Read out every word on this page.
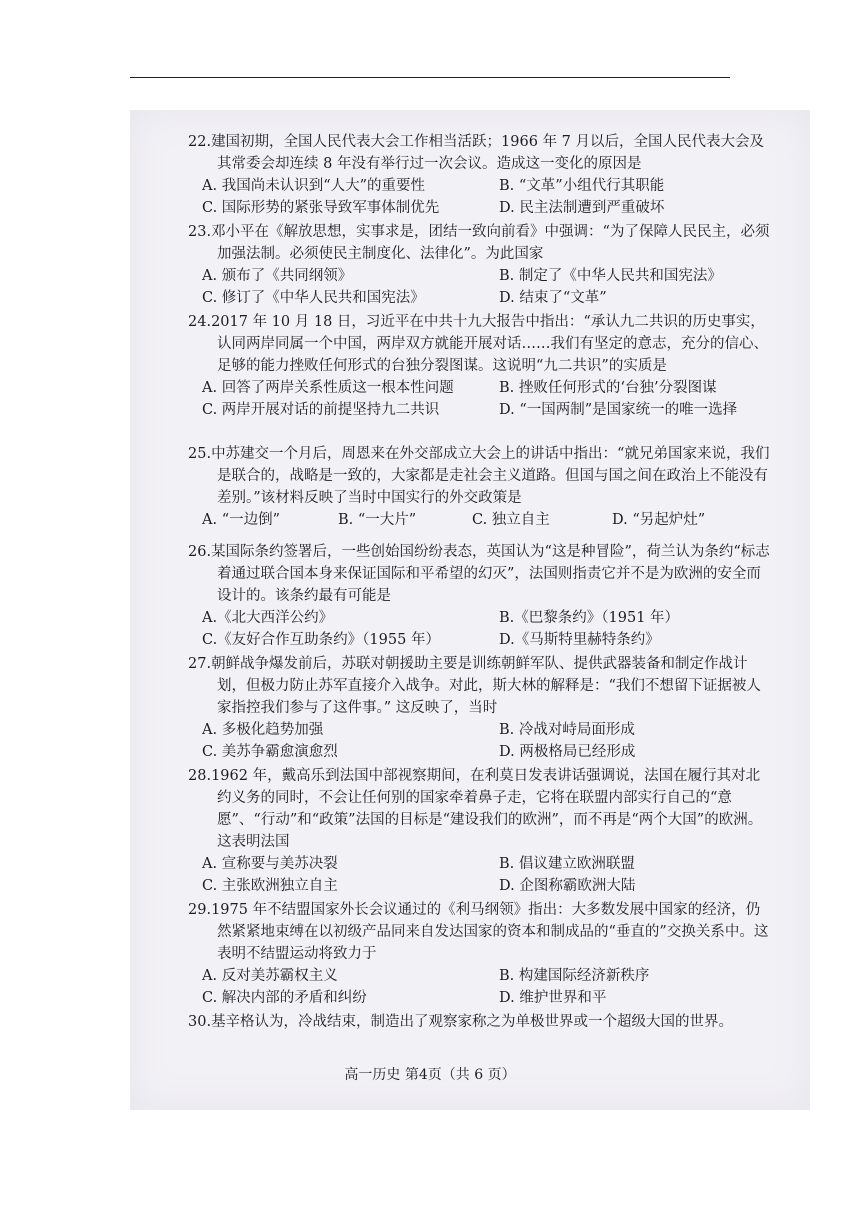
22.建国初期，全国人民代表大会工作相当活跃；1966 年 7 月以后，全国人民代表大会及其常委会却连续 8 年没有举行过一次会议。造成这一变化的原因是

A. 我国尚未认识到“人大”的重要性	B. “文革”小组代行其职能
C. 国际形势的紧张导致军事体制优先	D. 民主法制遭到严重破坏

23.邓小平在《解放思想，实事求是，团结一致向前看》中强调：“为了保障人民民主，必须加强法制。必须使民主制度化、法律化”。为此国家

A. 颁布了《共同纲领》	B. 制定了《中华人民共和国宪法》
C. 修订了《中华人民共和国宪法》	D. 结束了“文革”

24.2017 年 10 月 18 日，习近平在中共十九大报告中指出：“承认九二共识的历史事实，认同两岸同属一个中国，两岸双方就能开展对话……我们有坚定的意志，充分的信心、足够的能力挫败任何形式的台独分裂图谋。这说明“九二共识”的实质是

A. 回答了两岸关系性质这一根本性问题	B. 挫败任何形式的‘台独’分裂图谋
C. 两岸开展对话的前提坚持九二共识	D. “一国两制”是国家统一的唯一选择

25.中苏建交一个月后，周恩来在外交部成立大会上的讲话中指出：“就兄弟国家来说，我们是联合的，战略是一致的，大家都是走社会主义道路。但国与国之间在政治上不能没有差别。”该材料反映了当时中国实行的外交政策是

A. “一边倒”	B. “一大片”	C. 独立自主	D. “另起炉灶”

26.某国际条约签署后，一些创始国纷纷表态，英国认为“这是种冒险”，荷兰认为条约“标志着通过联合国本身来保证国际和平希望的幻灭”，法国则指责它并不是为欧洲的安全而设计的。该条约最有可能是

A.《北大西洋公约》	B.《巴黎条约》（1951 年）
C.《友好合作互助条约》（1955 年）	D.《马斯特里赫特条约》

27.朝鲜战争爆发前后，苏联对朝援助主要是训练朝鲜军队、提供武器装备和制定作战计划，但极力防止苏军直接介入战争。对此，斯大林的解释是：“我们不想留下证据被人家指控我们参与了这件事。” 这反映了，当时

A. 多极化趋势加强	B. 冷战对峙局面形成
C. 美苏争霸愈演愈烈	D. 两极格局已经形成

28.1962 年，戴高乐到法国中部视察期间，在利莫日发表讲话强调说，法国在履行其对北约义务的同时，不会让任何别的国家牵着鼻子走，它将在联盟内部实行自己的“意愿”、“行动”和“政策”法国的目标是“建设我们的欧洲”，而不再是“两个大国”的欧洲。这表明法国

A. 宣称要与美苏决裂	B. 倡议建立欧洲联盟
C. 主张欧洲独立自主	D. 企图称霸欧洲大陆

29.1975 年不结盟国家外长会议通过的《利马纲领》指出：大多数发展中国家的经济，仍然紧紧地束缚在以初级产品同来自发达国家的资本和制成品的“垂直的”交换关系中。这表明不结盟运动将致力于

A. 反对美苏霸权主义	B. 构建国际经济新秩序
C. 解决内部的矛盾和纠纷	D. 维护世界和平

30.基辛格认为，冷战结束，制造出了观察家称之为单极世界或一个超级大国的世界。

高一历史 第4页（共 6 页）
